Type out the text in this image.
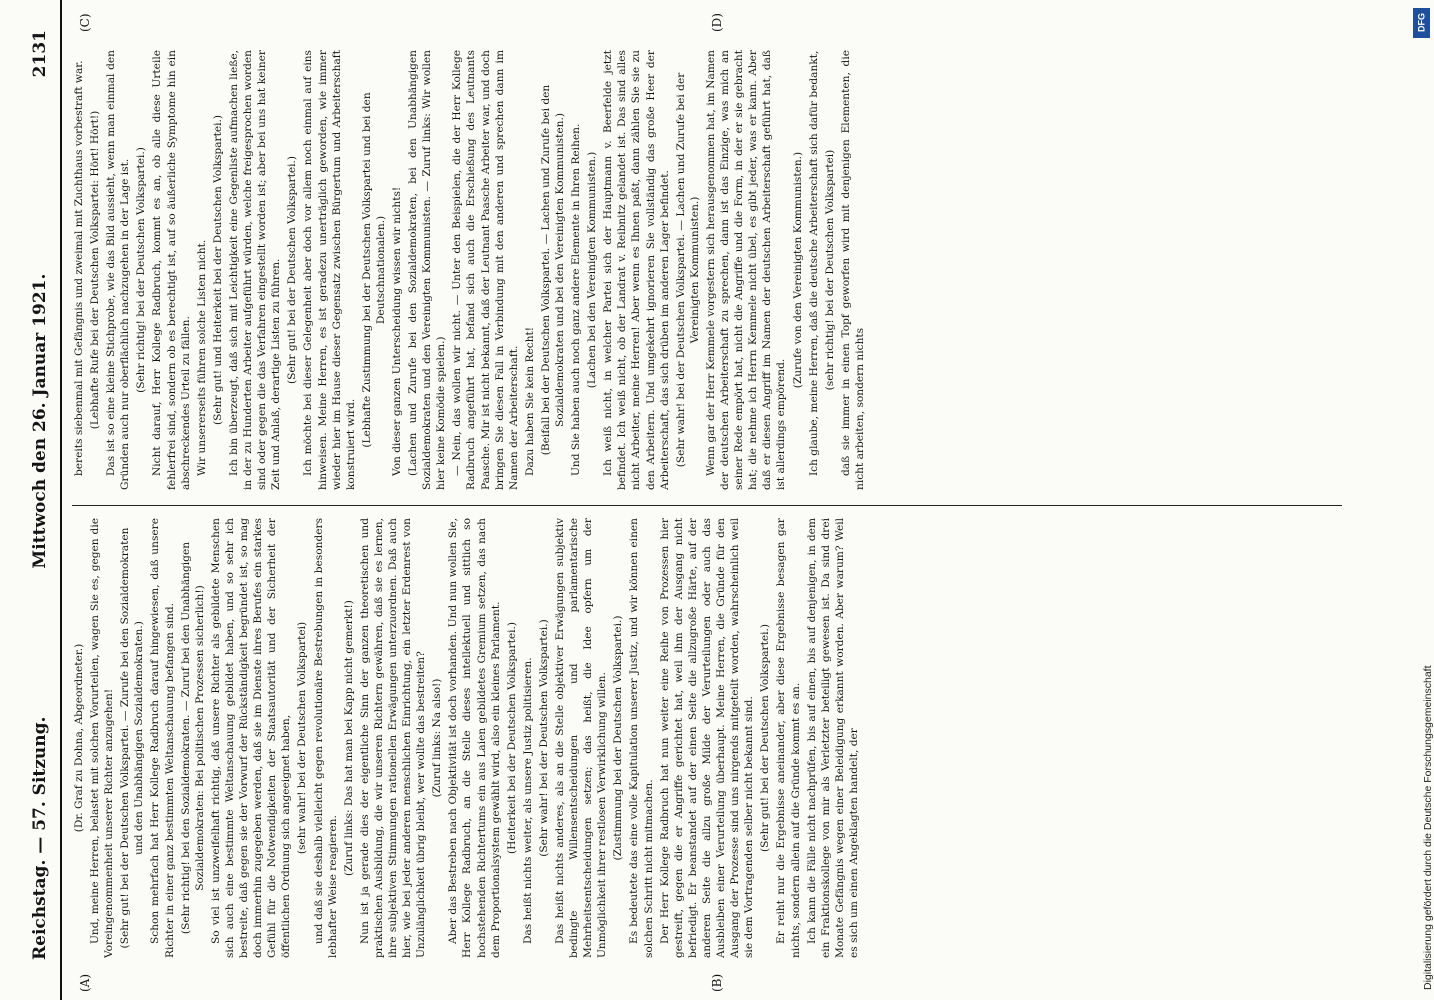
Reichstag. — 57. Sitzung.                         Mittwoch den 26. Januar 1921.
2131
(A)	(B)
(C)	(D)

(Dr. Graf zu Dohna, Abgeordneter.) Und, meine Herren, belastet mit solchen Vorurteilen, wagen Sie es, gegen die Voreingenommenheit unserer Richter anzugehen! (Sehr gut! bei der Deutschen Volkspartei. — Zurufe bei den Sozialdemokraten und den Unabhängigen Sozialdemokraten.) Schon mehrfach hat Herr Kollege Radbruch darauf hingewiesen, daß unsere Richter in einer ganz bestimmten Weltanschauung befangen sind. (Sehr richtig! bei den Sozialdemokraten. — Zuruf bei den Unabhängigen Sozialdemokraten: Bei politischen Prozessen sicherlich!) So viel ist unzweifelhaft richtig, daß unsere Richter als gebildete Menschen sich auch eine bestimmte Weltanschauung gebildet haben, und so sehr ich bestreite, daß gegen sie der Vorwurf der Rückständigkeit begründet ist, so mag doch immerhin zugegeben werden, daß sie im Dienste ihres Berufes ein starkes Gefühl für die Notwendigkeiten der Staatsautorität und der Sicherheit der öffentlichen Ordnung sich angeeignet haben, (sehr wahr! bei der Deutschen Volkspartei) und daß sie deshalb vielleicht gegen revolutionäre Bestrebungen in besonders lebhafter Weise reagieren.

(Zuruf links: Das hat man bei Kapp nicht gemerkt!) Nun ist ja gerade dies der eigentliche Sinn der ganzen theoretischen und praktischen Ausbildung, die wir unseren Richtern gewähren, daß sie es lernen, ihre subjektiven Stimmungen rationellen Erwägungen unterzuordnen. Daß auch hier, wie bei jeder anderen menschlichen Einrichtung, ein letzter Erdenrest von Unzulänglichkeit übrig bleibt, wer wollte das bestreiten? (Zuruf links: Na also!) Aber das Bestreben nach Objektivität ist doch vorhanden. Und nun wollen Sie, Herr Kollege Radbruch, an die Stelle dieses intellektuell und sittlich so hochstehenden Richtertums ein aus Laien gebildetes Gremium setzen, das nach dem Proportionalsystem gewählt wird, also ein kleines Parlament. (Heiterkeit bei der Deutschen Volkspartei.) Das heißt nichts weiter, als unsere Justiz politisieren. (Sehr wahr! bei der Deutschen Volkspartei.) Das heißt nichts anderes, als an die Stelle objektiver Erwägungen subjektiv bedingte Willensentscheidungen und parlamentarische Mehrheitsentscheidungen setzen; das heißt, die Idee opfern um der Unmöglichkeit ihrer restlosen Verwirklichung willen. (Zustimmung bei der Deutschen Volkspartei.) Es bedeutete das eine volle Kapitulation unserer Justiz, und wir können einen solchen Schritt nicht mitmachen. Der Herr Kollege Radbruch hat nun weiter eine Reihe von Prozessen hier gestreift, gegen die er Angriffe gerichtet hat, weil ihm der Ausgang nicht befriedigt. Er beanstandet auf der einen Seite die allzugroße Härte, auf der anderen Seite die allzu große Milde der Verurteilungen oder auch das Ausbleiben einer Verurteilung überhaupt. Meine Herren, die Gründe für den Ausgang der Prozesse sind uns nirgends mitgeteilt worden, wahrscheinlich weil sie dem Vortragenden selber nicht bekannt sind. (Sehr gut! bei der Deutschen Volkspartei.) Er reiht nur die Ergebnisse aneinander, aber diese Ergebnisse besagen gar nichts, sondern allein auf die Gründe kommt es an. Ich kann die Fälle nicht nachprüfen, bis auf einen, bis auf denjenigen, in dem ein Fraktionskollege von mir als Verletzter beteiligt gewesen ist. Da sind drei Monate Gefängnis wegen einer Beleidigung erkannt worden. Aber warum? Weil es sich um einen Angeklagten handelt, der

bereits siebenmal mit Gefängnis und zweimal mit Zuchthaus vorbestraft war. (Lebhafte Rufe bei der Deutschen Volkspartei: Hört! Hört!) Das ist so eine kleine Stichprobe, wie das Bild aussieht, wenn man einmal den Gründen auch nur oberflächlich nachzugehen in der Lage ist. (Sehr richtig! bei der Deutschen Volkspartei.) Nicht darauf, Herr Kollege Radbruch, kommt es an, ob alle diese Urteile fehlerfrei sind, sondern ob es berechtigt ist, auf so äußerliche Symptome hin ein abschreckendes Urteil zu fällen. Wir unsererseits führen solche Listen nicht. (Sehr gut! und Heiterkeit bei der Deutschen Volkspartei.) Ich bin überzeugt, daß sich mit Leichtigkeit eine Gegenliste aufmachen ließe, in der zu Hunderten Arbeiter aufgeführt würden, welche freigesprochen worden sind oder gegen die das Verfahren eingestellt worden ist; aber bei uns hat keiner Zeit und Anlaß, derartige Listen zu führen. (Sehr gut! bei der Deutschen Volkspartei.) Ich möchte bei dieser Gelegenheit aber doch vor allem noch einmal auf eins hinweisen. Meine Herren, es ist geradezu unerträglich geworden, wie immer wieder hier im Hause dieser Gegensatz zwischen Bürgertum und Arbeiterschaft konstruiert wird. (Lebhafte Zustimmung bei der Deutschen Volkspartei und bei den Deutschnationalen.) Von dieser ganzen Unterscheidung wissen wir nichts! (Lachen und Zurufe bei den Sozialdemokraten, bei den Unabhängigen Sozialdemokraten und den Vereinigten Kommunisten. — Zuruf links: Wir wollen hier keine Komödie spielen.) — Nein, das wollen wir nicht. — Unter den Beispielen, die der Herr Kollege Radbruch angeführt hat, befand sich auch die Erschießung des Leutnants Paasche. Mir ist nicht bekannt, daß der Leutnant Paasche Arbeiter war, und doch bringen Sie diesen Fall in Verbindung mit den anderen und sprechen dann im Namen der Arbeiterschaft. Dazu haben Sie kein Recht! (Beifall bei der Deutschen Volkspartei. — Lachen und Zurufe bei den Sozialdemokraten und bei den Vereinigten Kommunisten.) Und Sie haben auch noch ganz andere Elemente in Ihren Reihen. (Lachen bei den Vereinigten Kommunisten.) Ich weiß nicht, in welcher Partei sich der Hauptmann v. Beerfelde jetzt befindet. Ich weiß nicht, ob der Landrat v. Reibnitz gelandet ist. Das sind alles nicht Arbeiter, meine Herren! Aber wenn es Ihnen paßt, dann zählen Sie sie zu den Arbeitern. Und umgekehrt ignorieren Sie vollständig das große Heer der Arbeiterschaft, das sich drüben im anderen Lager befindet. (Sehr wahr! bei der Deutschen Volkspartei. — Lachen und Zurufe bei der Vereinigten Kommunisten.) Wenn gar der Herr Kemmele vorgestern sich herausgenommen hat, im Namen der deutschen Arbeiterschaft zu sprechen, dann ist das Einzige, was mich an seiner Rede empört hat, nicht die Angriffe und die Form, in der er sie gebracht hat; die nehme ich Herrn Kemmele nicht übel, es gibt jeder, was er kann. Aber daß er diesen Angriff im Namen der deutschen Arbeiterschaft geführt hat, daß ist allerdings empörend.

(Zurufe von den Vereinigten Kommunisten.) Ich glaube, meine Herren, daß die deutsche Arbeiterschaft sich dafür bedankt, (sehr richtig! bei der Deutschen Volkspartei) daß sie immer in einen Topf geworfen wird mit denjenigen Elementen, die nicht arbeiten, sondern nichts

Digitalisierung gefördert durch die Deutsche Forschungsgemeinschaft
DFG
